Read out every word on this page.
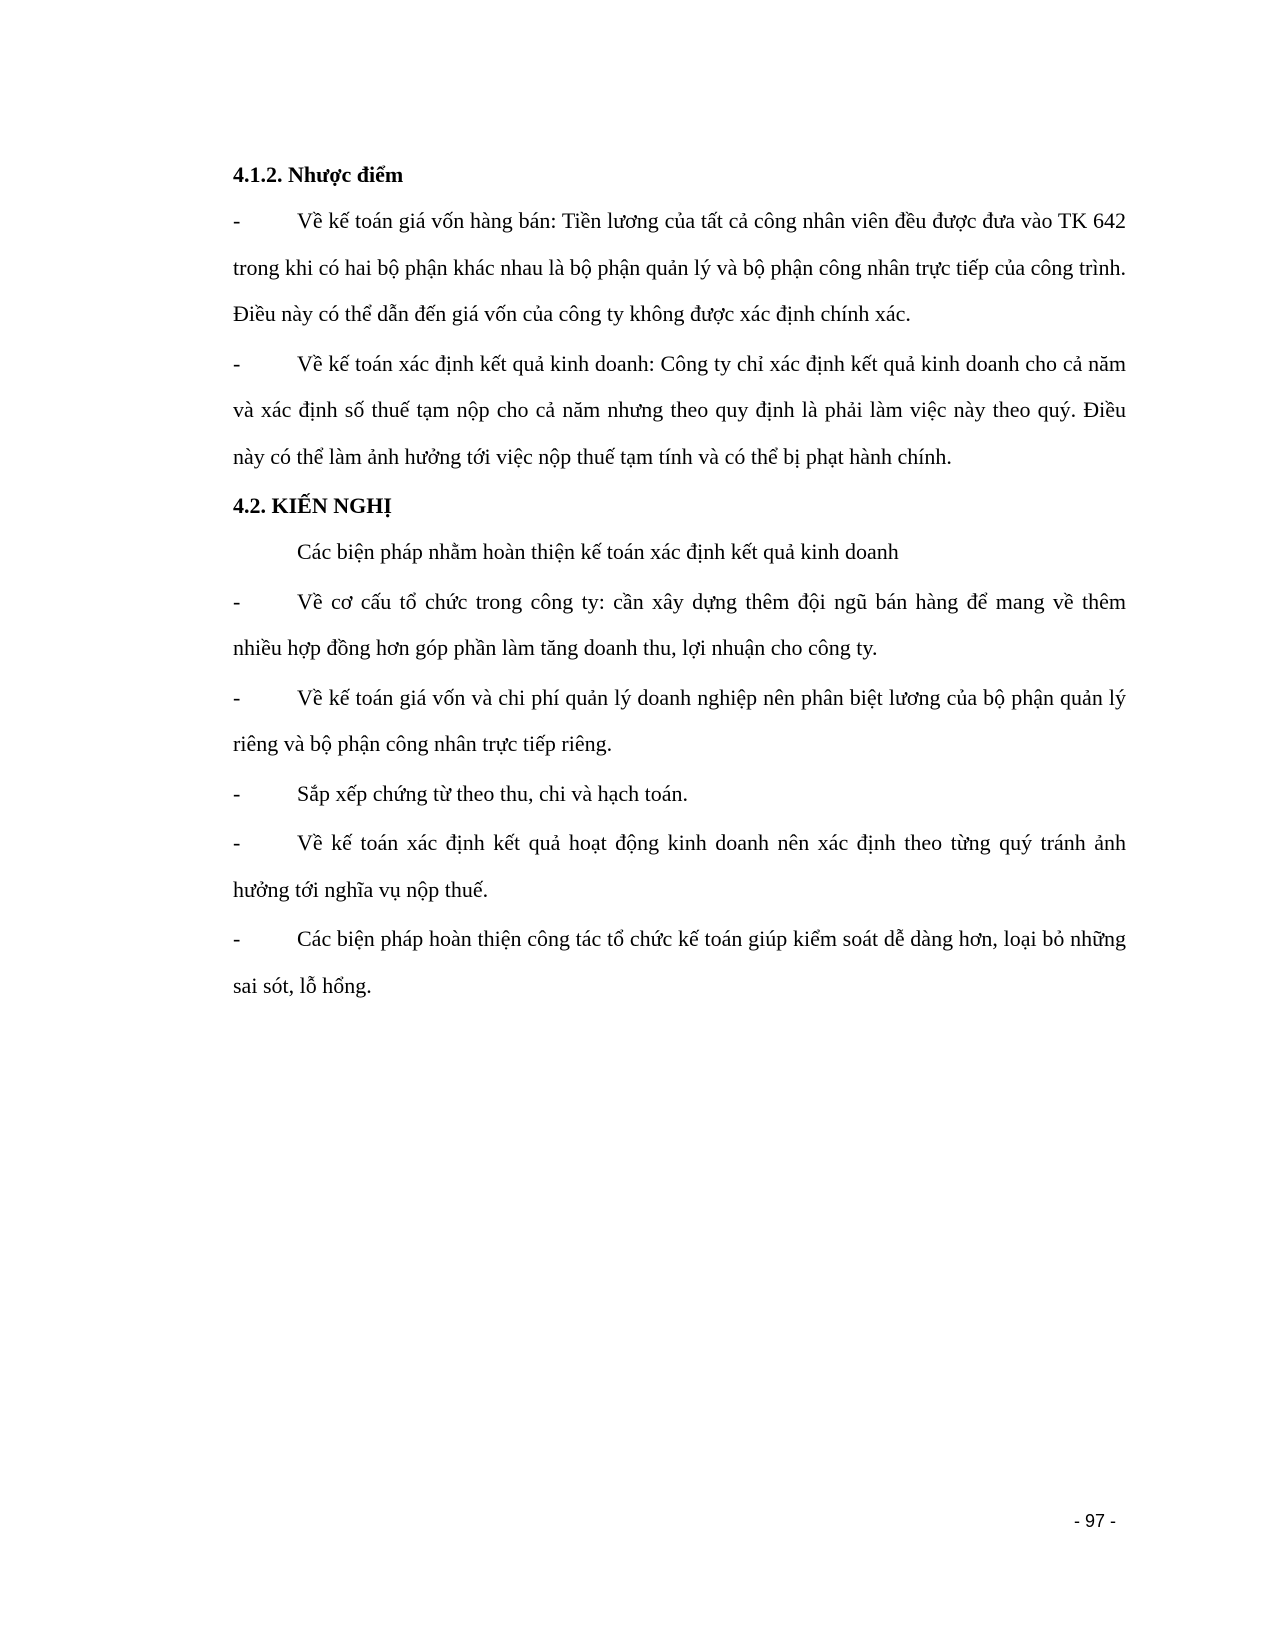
4.1.2. Nhược điểm

-	Về kế toán giá vốn hàng bán: Tiền lương của tất cả công nhân viên đều được đưa vào TK 642 trong khi có hai bộ phận khác nhau là bộ phận quản lý và bộ phận công nhân trực tiếp của công trình. Điều này có thể dẫn đến giá vốn của công ty không được xác định chính xác.

-	Về kế toán xác định kết quả kinh doanh: Công ty chỉ xác định kết quả kinh doanh cho cả năm và xác định số thuế tạm nộp cho cả năm nhưng theo quy định là phải làm việc này theo quý. Điều này có thể làm ảnh hưởng tới việc nộp thuế tạm tính và có thể bị phạt hành chính.

4.2. KIẾN NGHỊ

Các biện pháp nhằm hoàn thiện kế toán xác định kết quả kinh doanh

-	Về cơ cấu tổ chức trong công ty: cần xây dựng thêm đội ngũ bán hàng để mang về thêm nhiều hợp đồng hơn góp phần làm tăng doanh thu, lợi nhuận cho công ty.

-	Về kế toán giá vốn và chi phí quản lý doanh nghiệp nên phân biệt lương của bộ phận quản lý riêng và bộ phận công nhân trực tiếp riêng.

-	Sắp xếp chứng từ theo thu, chi và hạch toán.

-	Về kế toán xác định kết quả hoạt động kinh doanh nên xác định theo từng quý tránh ảnh hưởng tới nghĩa vụ nộp thuế.

-	Các biện pháp hoàn thiện công tác tổ chức kế toán giúp kiểm soát dễ dàng hơn, loại bỏ những sai sót, lỗ hổng.

- 97 -
